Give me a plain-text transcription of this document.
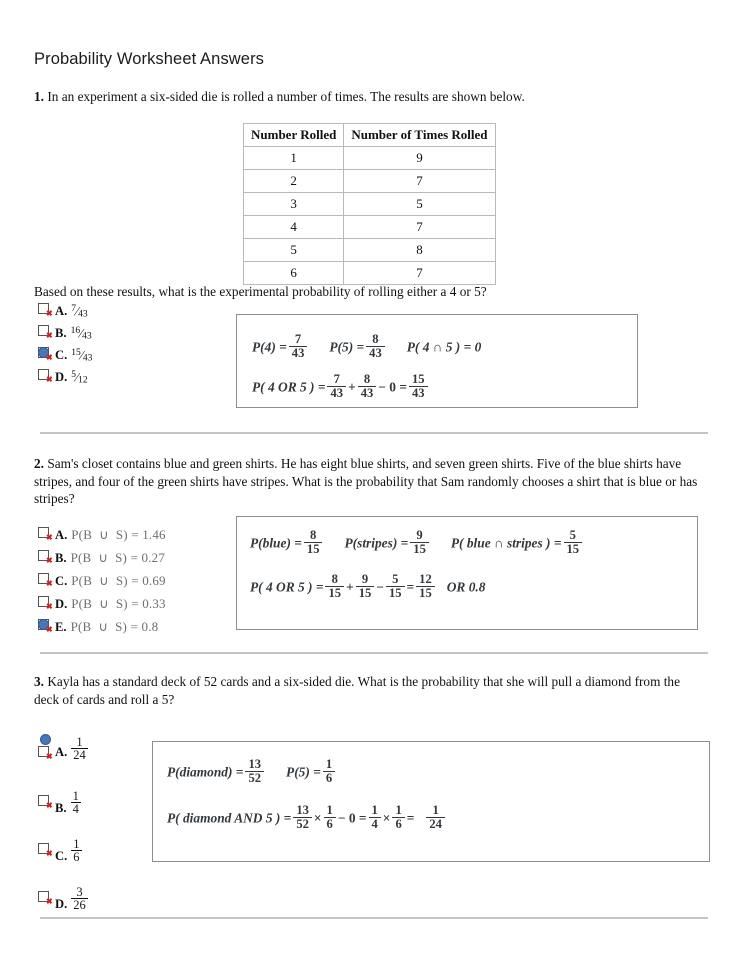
Probability Worksheet Answers
1. In an experiment a six-sided die is rolled a number of times. The results are shown below.
Number Rolled	Number of Times Rolled
1	9
2	7
3	5
4	7
5	8
6	7
Based on these results, what is the experimental probability of rolling either a 4 or 5?
✖ A. $^7$⁄43
✖ B. $^{16}$⁄43
✖ C. $^{15}$⁄43
✖ D. $^5$⁄12
$P(4) = \frac{7}{43} P(5) = \frac{8}{43} P$( 4 ∩ 5 ) = 0
P( 4 OR 5 ) = $\frac{7}{43} + \frac{8}{43} - 0 = \frac{15}{43}$
2. Sam's closet contains blue and green shirts. He has eight blue shirts, and seven green shirts. Five of the blue shirts have stripes, and four of the green shirts have stripes. What is the probability that Sam randomly chooses a shirt that is blue or has stripes?
✖ A. P(B ∪ S) = 1.46
✖ B. P(B ∪ S) = 0.27
✖ C. P(B ∪ S) = 0.69
✖ D. P(B ∪ S) = 0.33
✖ E. P(B ∪ S) = 0.8
P(blue) = $\frac{8}{15}$ P(stripes) = $\frac{9}{15} P$( blue ∩ stripes ) = $\frac{5}{15}$
P( 4 OR 5 ) = $\frac{8}{15} + \frac{9}{15} - \frac{5}{15} = \frac{12}{15}$ OR 0.8
3. Kayla has a standard deck of 52 cards and a six-sided die. What is the probability that she will pull a diamond from the deck of cards and roll a 5?
✖ A. $\frac{1}{24}$
✖ B. $\frac{1}{4}$
✖ C. $\frac{1}{6}$
✖ D. $\frac{3}{26}$
P(diamond) = $\frac{13}{52} P(5) = \frac{1}{6}$
P( diamond AND 5 ) = $\frac{13}{52} \times \frac{1}{6} - 0 = \frac{1}{4} \times \frac{1}{6} = \frac{1}{24}$
